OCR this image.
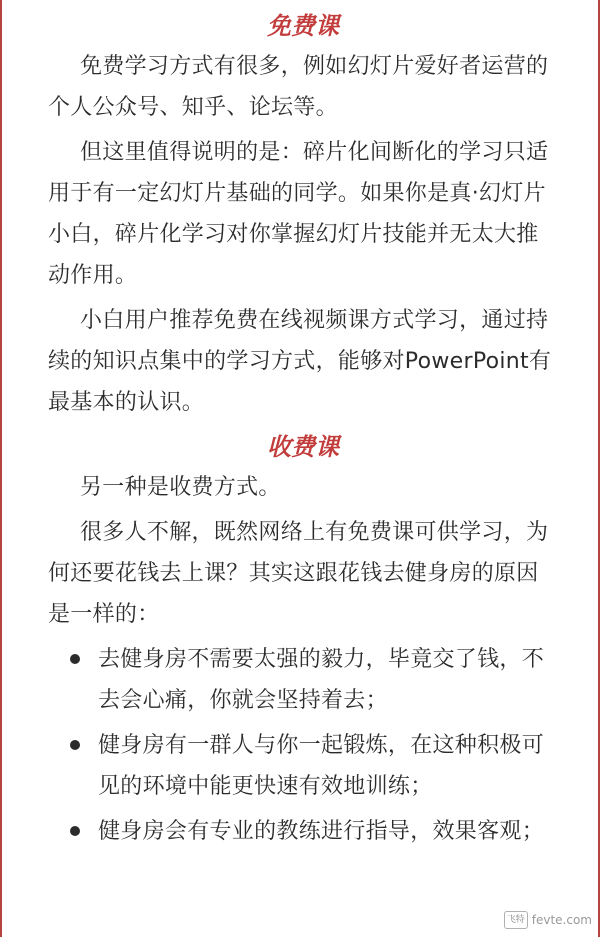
免费课

免费学习方式有很多，例如幻灯片爱好者运营的个人公众号、知乎、论坛等。

但这里值得说明的是：碎片化间断化的学习只适用于有一定幻灯片基础的同学。如果你是真·幻灯片小白，碎片化学习对你掌握幻灯片技能并无太大推动作用。

小白用户推荐免费在线视频课方式学习，通过持续的知识点集中的学习方式，能够对PowerPoint有最基本的认识。

收费课

另一种是收费方式。

很多人不解，既然网络上有免费课可供学习，为何还要花钱去上课？其实这跟花钱去健身房的原因是一样的：

去健身房不需要太强的毅力，毕竟交了钱，不去会心痛，你就会坚持着去；
健身房有一群人与你一起锻炼，在这种积极可见的环境中能更快速有效地训练；
健身房会有专业的教练进行指导，效果客观；
飞特 fevte.com
